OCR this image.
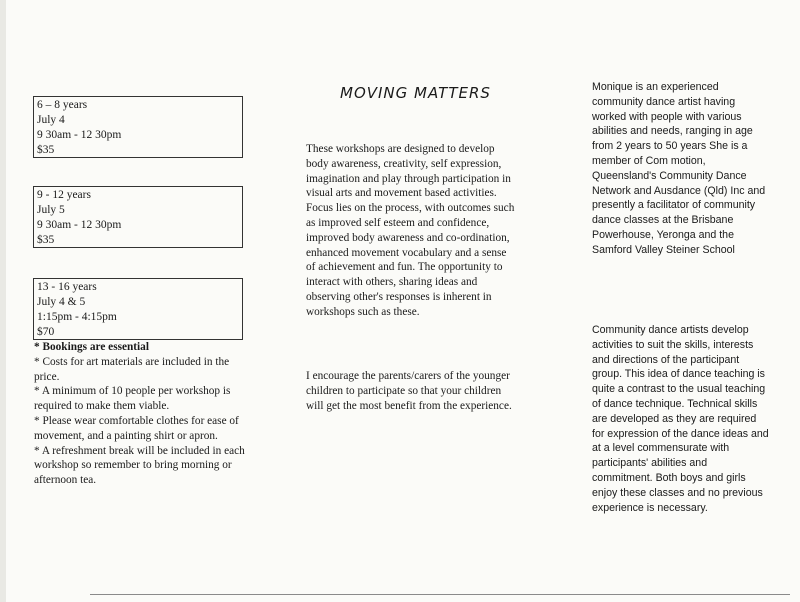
6 – 8 years
July 4
9 30am - 12 30pm
$35
9 - 12 years
July 5
9 30am - 12 30pm
$35
13 - 16 years
July 4 & 5
1:15pm - 4:15pm
$70
* Bookings are essential
* Costs for art materials are included in the price.
* A minimum of 10 people per workshop is required to make them viable.
* Please wear comfortable clothes for ease of movement, and a painting shirt or apron.
* A refreshment break will be included in each workshop so remember to bring morning or afternoon tea.
MOVING MATTERS
These workshops are designed to develop body awareness, creativity, self expression, imagination and play through participation in visual arts and movement based activities. Focus lies on the process, with outcomes such as improved self esteem and confidence, improved body awareness and co-ordination, enhanced movement vocabulary and a sense of achievement and fun. The opportunity to interact with others, sharing ideas and observing other's responses is inherent in workshops such as these.
I encourage the parents/carers of the younger children to participate so that your children will get the most benefit from the experience.
Monique is an experienced community dance artist having worked with people with various abilities and needs, ranging in age from 2 years to 50 years She is a member of Com motion, Queensland's Community Dance Network and Ausdance (Qld) Inc and presently a facilitator of community dance classes at the Brisbane Powerhouse, Yeronga and the Samford Valley Steiner School
Community dance artists develop activities to suit the skills, interests and directions of the participant group. This idea of dance teaching is quite a contrast to the usual teaching of dance technique. Technical skills are developed as they are required for expression of the dance ideas and at a level commensurate with participants' abilities and commitment. Both boys and girls enjoy these classes and no previous experience is necessary.
